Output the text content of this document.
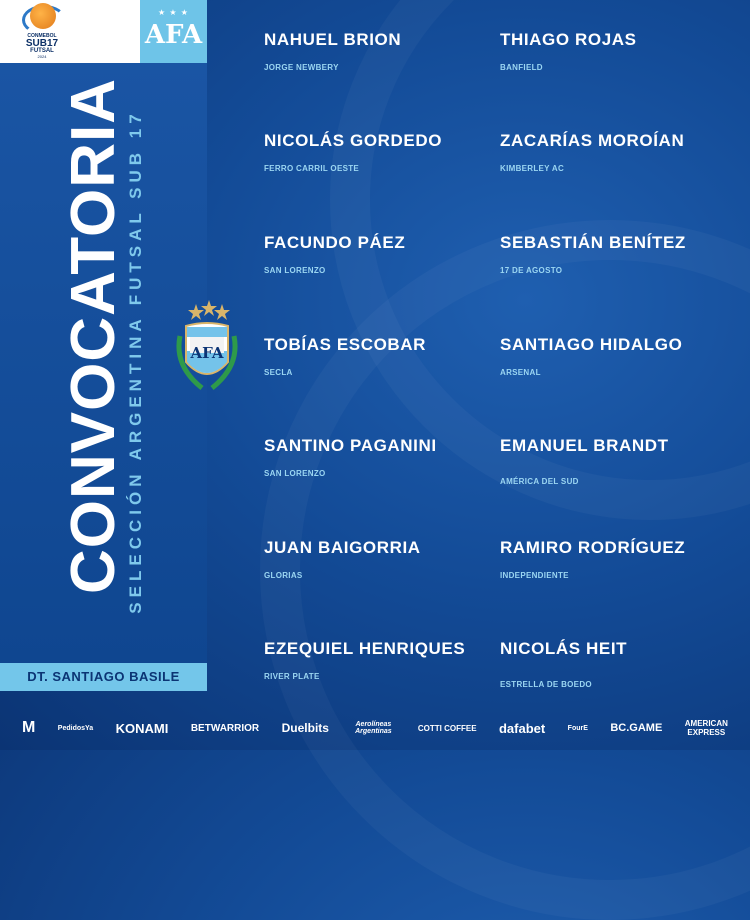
CONMEBOL
SUB17
FUTSAL
2024
★ ★ ★
AFA
CONVOCATORIA
SELECCIÓN ARGENTINA FUTSAL SUB 17	AFA
DT. SANTIAGO BASILE
NAHUEL BRION
JORGE NEWBERY
THIAGO ROJAS
BANFIELD
NICOLÁS GORDEDO
FERRO CARRIL OESTE
ZACARÍAS MOROÍAN
KIMBERLEY AC
FACUNDO PÁEZ
SAN LORENZO
SEBASTIÁN BENÍTEZ
17 DE AGOSTO
TOBÍAS ESCOBAR
SECLA
SANTIAGO HIDALGO
ARSENAL
SANTINO PAGANINI
SAN LORENZO
EMANUEL BRANDT
AMÉRICA DEL SUD
JUAN BAIGORRIA
GLORIAS
RAMIRO RODRÍGUEZ
INDEPENDIENTE
EZEQUIEL HENRIQUES
RIVER PLATE
NICOLÁS HEIT
ESTRELLA DE BOEDO
M	PedidosYa KONAMI BETWARRIOR Duelbits	Aerolíneas Argentinas	COTTI COFFEE dafabet	FourE BC.GAME	AMERICAN
EXPRESS
